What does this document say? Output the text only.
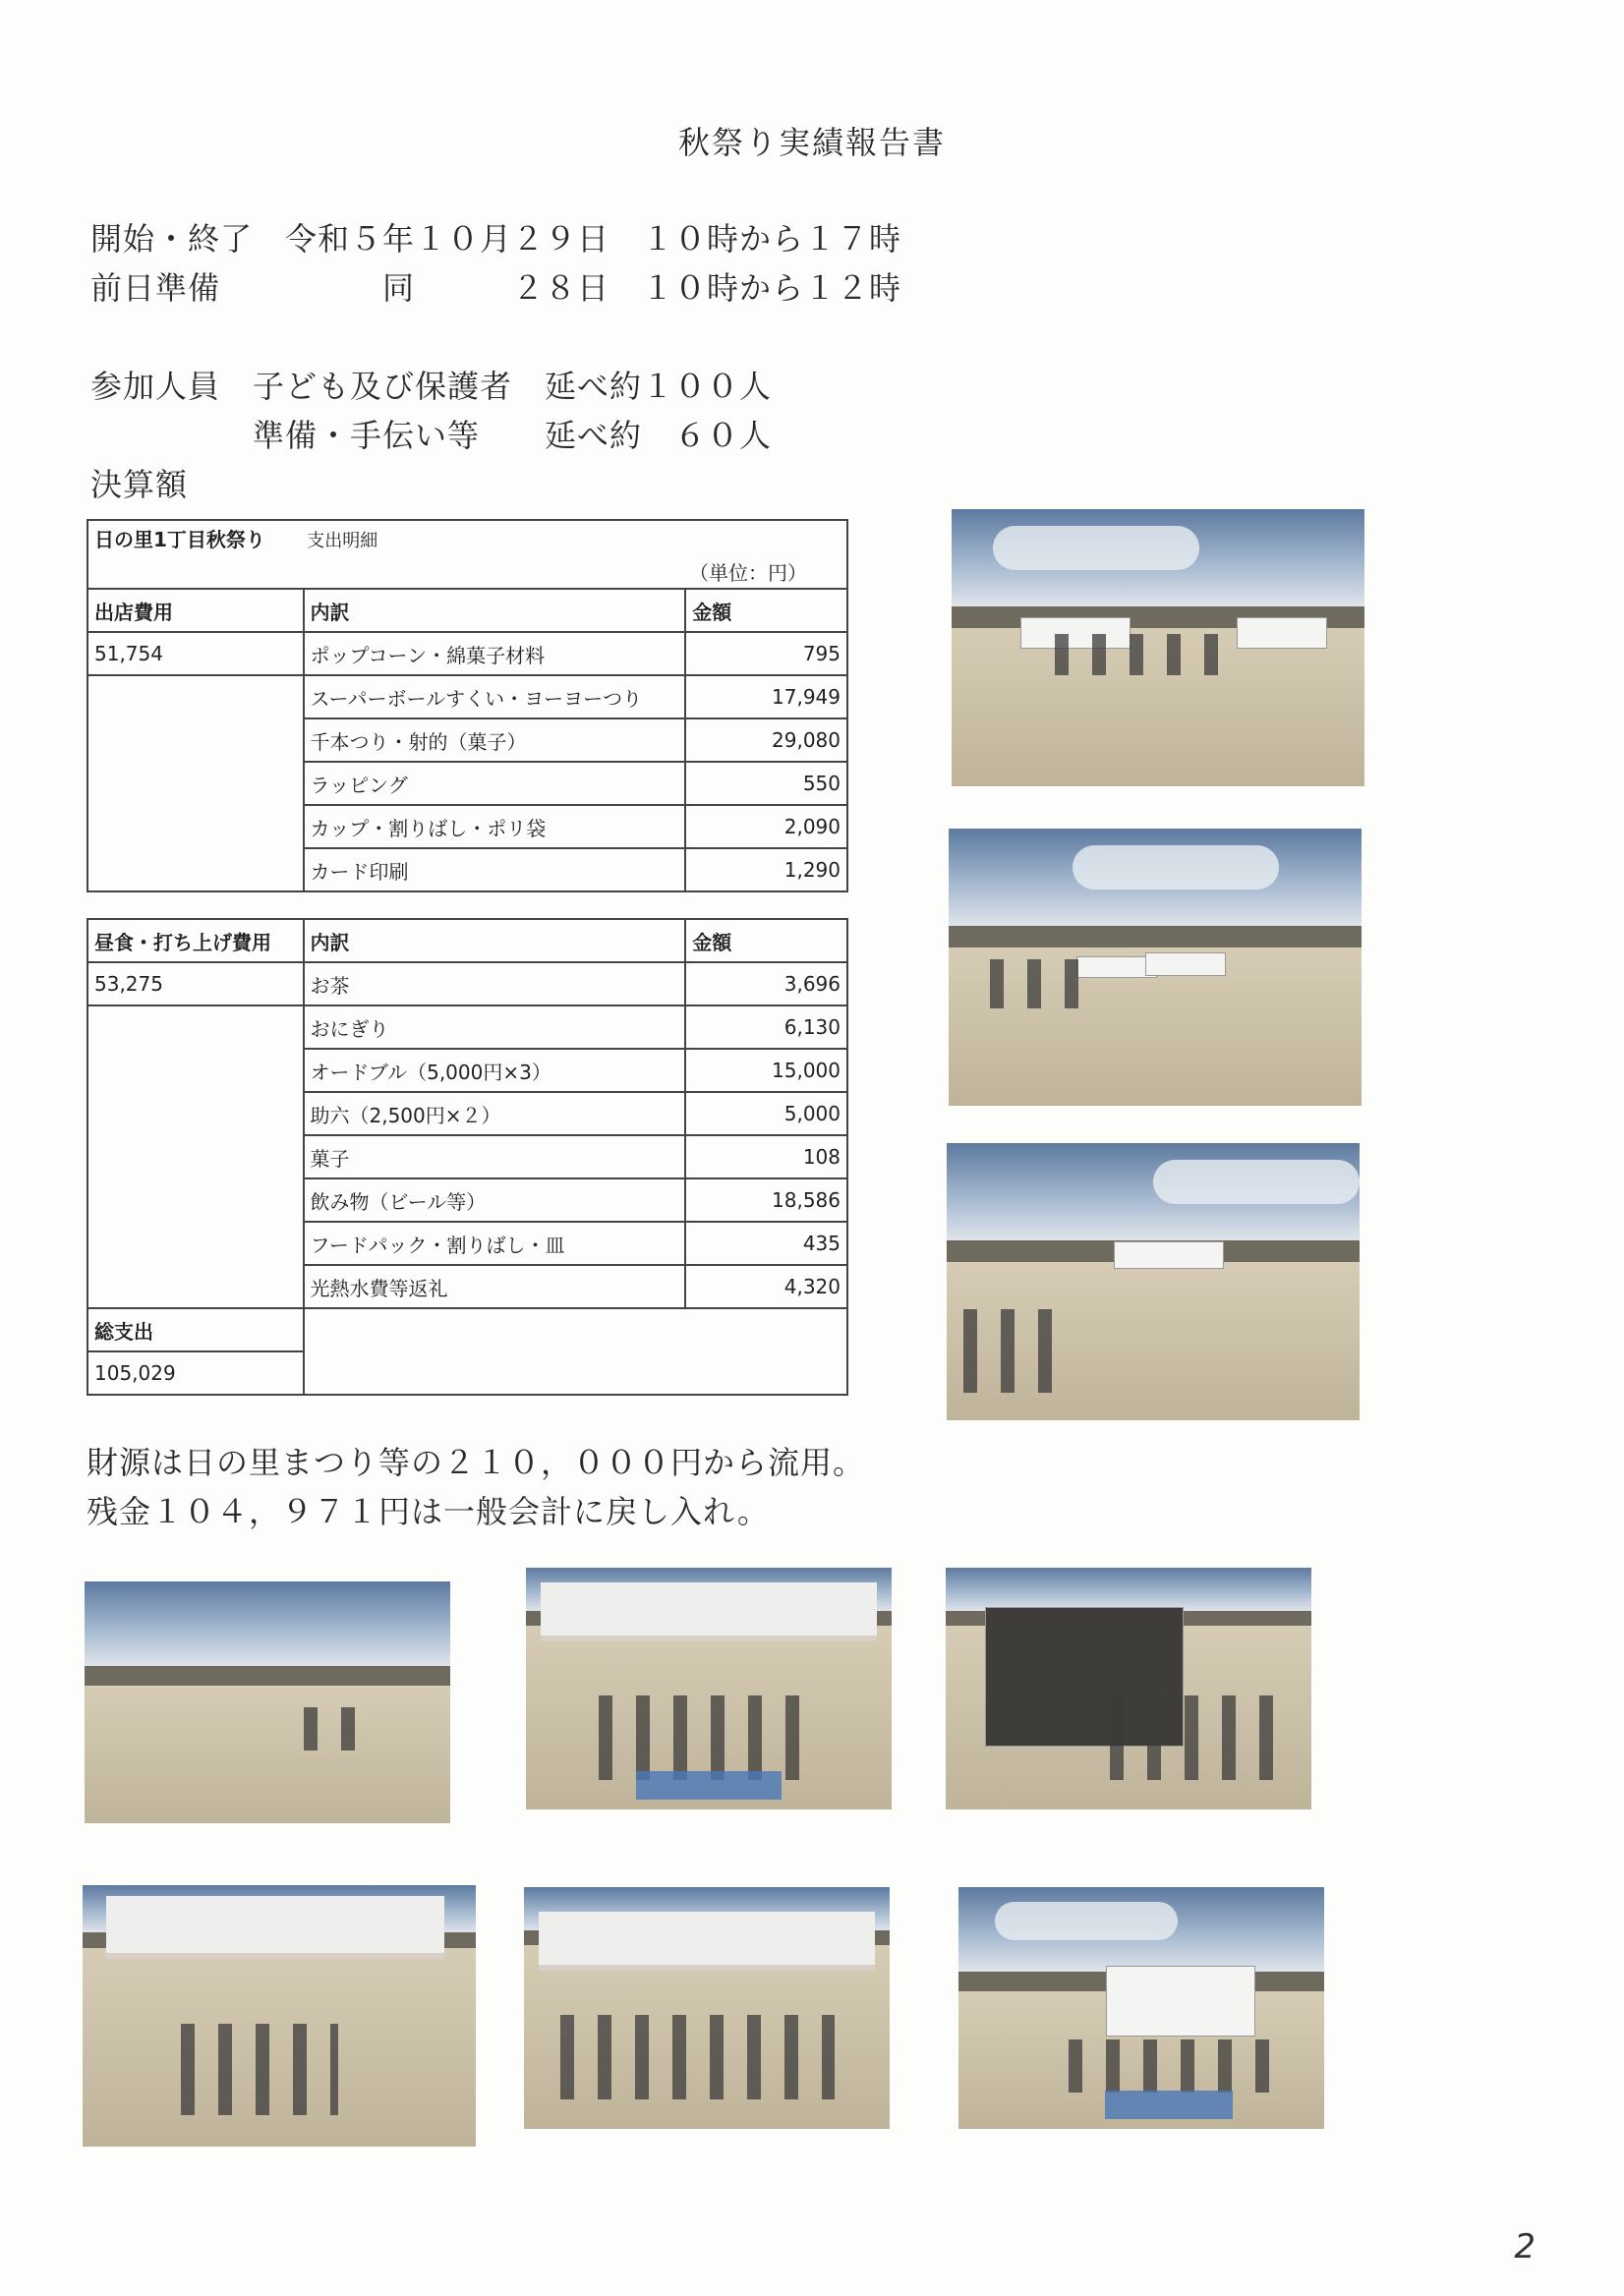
秋祭り実績報告書
開始・終了　令和５年１０月２９日　１０時から１７時
前日準備　　　　　同　　　２８日　１０時から１２時
参加人員　子ども及び保護者　延べ約１００人
　　　　　準備・手伝い等　　延べ約　６０人
決算額
日の里1丁目秋祭り 支出明細		
（単位：円）		
出店費用	内訳	金額
51,754	ポップコーン・綿菓子材料	795
	スーパーボールすくい・ヨーヨーつり	17,949
	千本つり・射的（菓子）	29,080
	ラッピング	550
	カップ・割りばし・ポリ袋	2,090
	カード印刷	1,290

昼食・打ち上げ費用	内訳	金額
53,275	お茶	3,696
	おにぎり	6,130
	オードブル（5,000円×3）	15,000
	助六（2,500円×２）	5,000
	菓子	108
	飲み物（ビール等）	18,586
	フードパック・割りばし・皿	435
	光熱水費等返礼	4,320
総支出		
105,029		
財源は日の里まつり等の２１０，０００円から流用。
残金１０４，９７１円は一般会計に戻し入れ。
2
